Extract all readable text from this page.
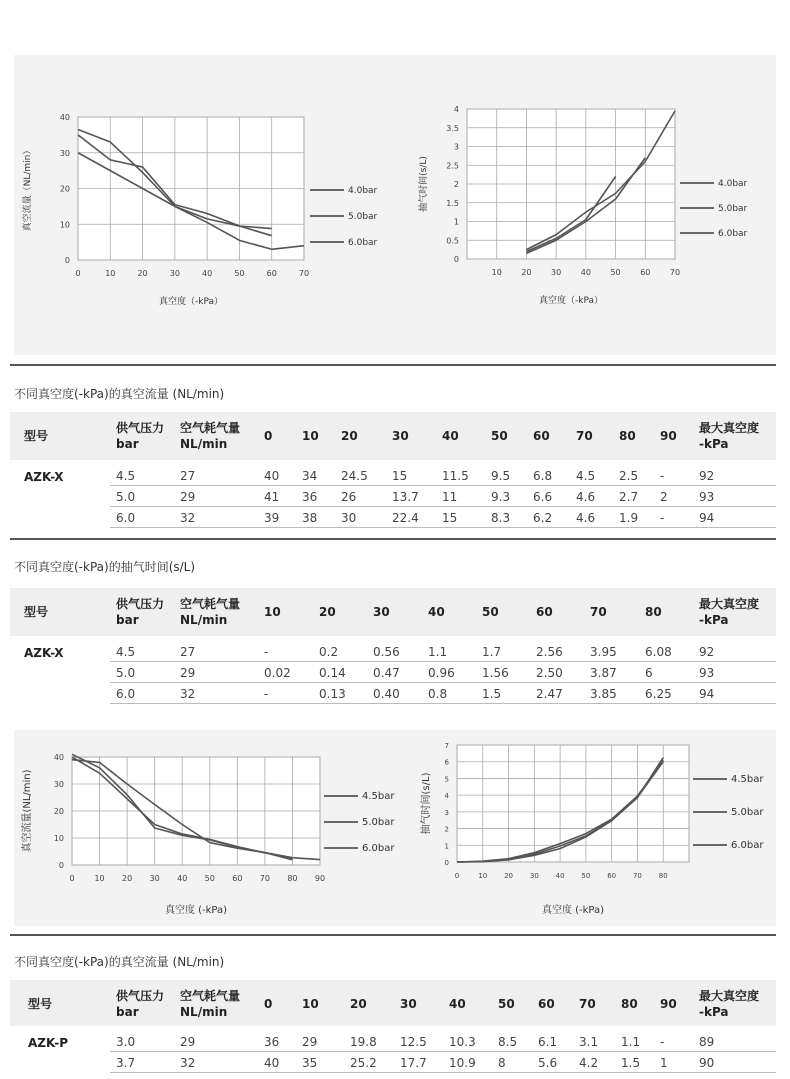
0	10	20	30	40	50	60	70
0
10
20
30
40
真空度（-kPa）
真空流量（NL/min）	4.0bar
5.0bar
6.0bar
10 20 30 40 50 60 70
0
0.5
1
1.5
2
2.5
3
3.5
4
真空度（-kPa）
抽气时间(s/L)	4.0bar
5.0bar
6.0bar
不同真空度(-kPa)的真空流量 (NL/min)
型号
供气压力
bar
空气耗气量
NL/min
0 10 20	30	40	50 60 70 80 90
最大真空度
-kPa
AZK-X	4.5	27	40 34 24.5 15	11.5 9.5 6.8 4.5 2.5 -	92
5.0	29	41 36 26	13.7 11	9.3 6.6 4.6 2.7 2	93
6.0	32	39 38 30	22.4 15	8.3 6.2 4.6 1.9 -	94
不同真空度(-kPa)的抽气时间(s/L)
型号
供气压力
bar
空气耗气量
NL/min
10	20	30	40	50	60	70	80
最大真空度
-kPa
AZK-X	4.5	27	-	0.2	0.56 1.1	1.7	2.56 3.95 6.08 92
5.0	29	0.02 0.14 0.47 0.96 1.56 2.50 3.87 6	93
6.0	32	-	0.13 0.40 0.8	1.5	2.47 3.85 6.25 94
0 10 20 30 40 50 60 70 80 90
0
10
20
30
40
真空度 (-kPa)
真空流量(NL/min)	4.5bar
5.0bar
6.0bar
0	10 20 30 40 50 60 70 80
0
1
2
3
4
5
6
7
真空度 (-kPa)
抽气时间(s/L)	4.5bar
5.0bar
6.0bar
不同真空度(-kPa)的真空流量 (NL/min)
型号
供气压力
bar
空气耗气量
NL/min
0 10	20	30	40	50 60 70 80 90
最大真空度
-kPa
AZK-P	3.0	29	36 29	19.8 12.5 10.3 8.5 6.1 3.1 1.1 -	89
3.7	32	40 35	25.2 17.7 10.9 8	5.6 4.2 1.5 1	90
